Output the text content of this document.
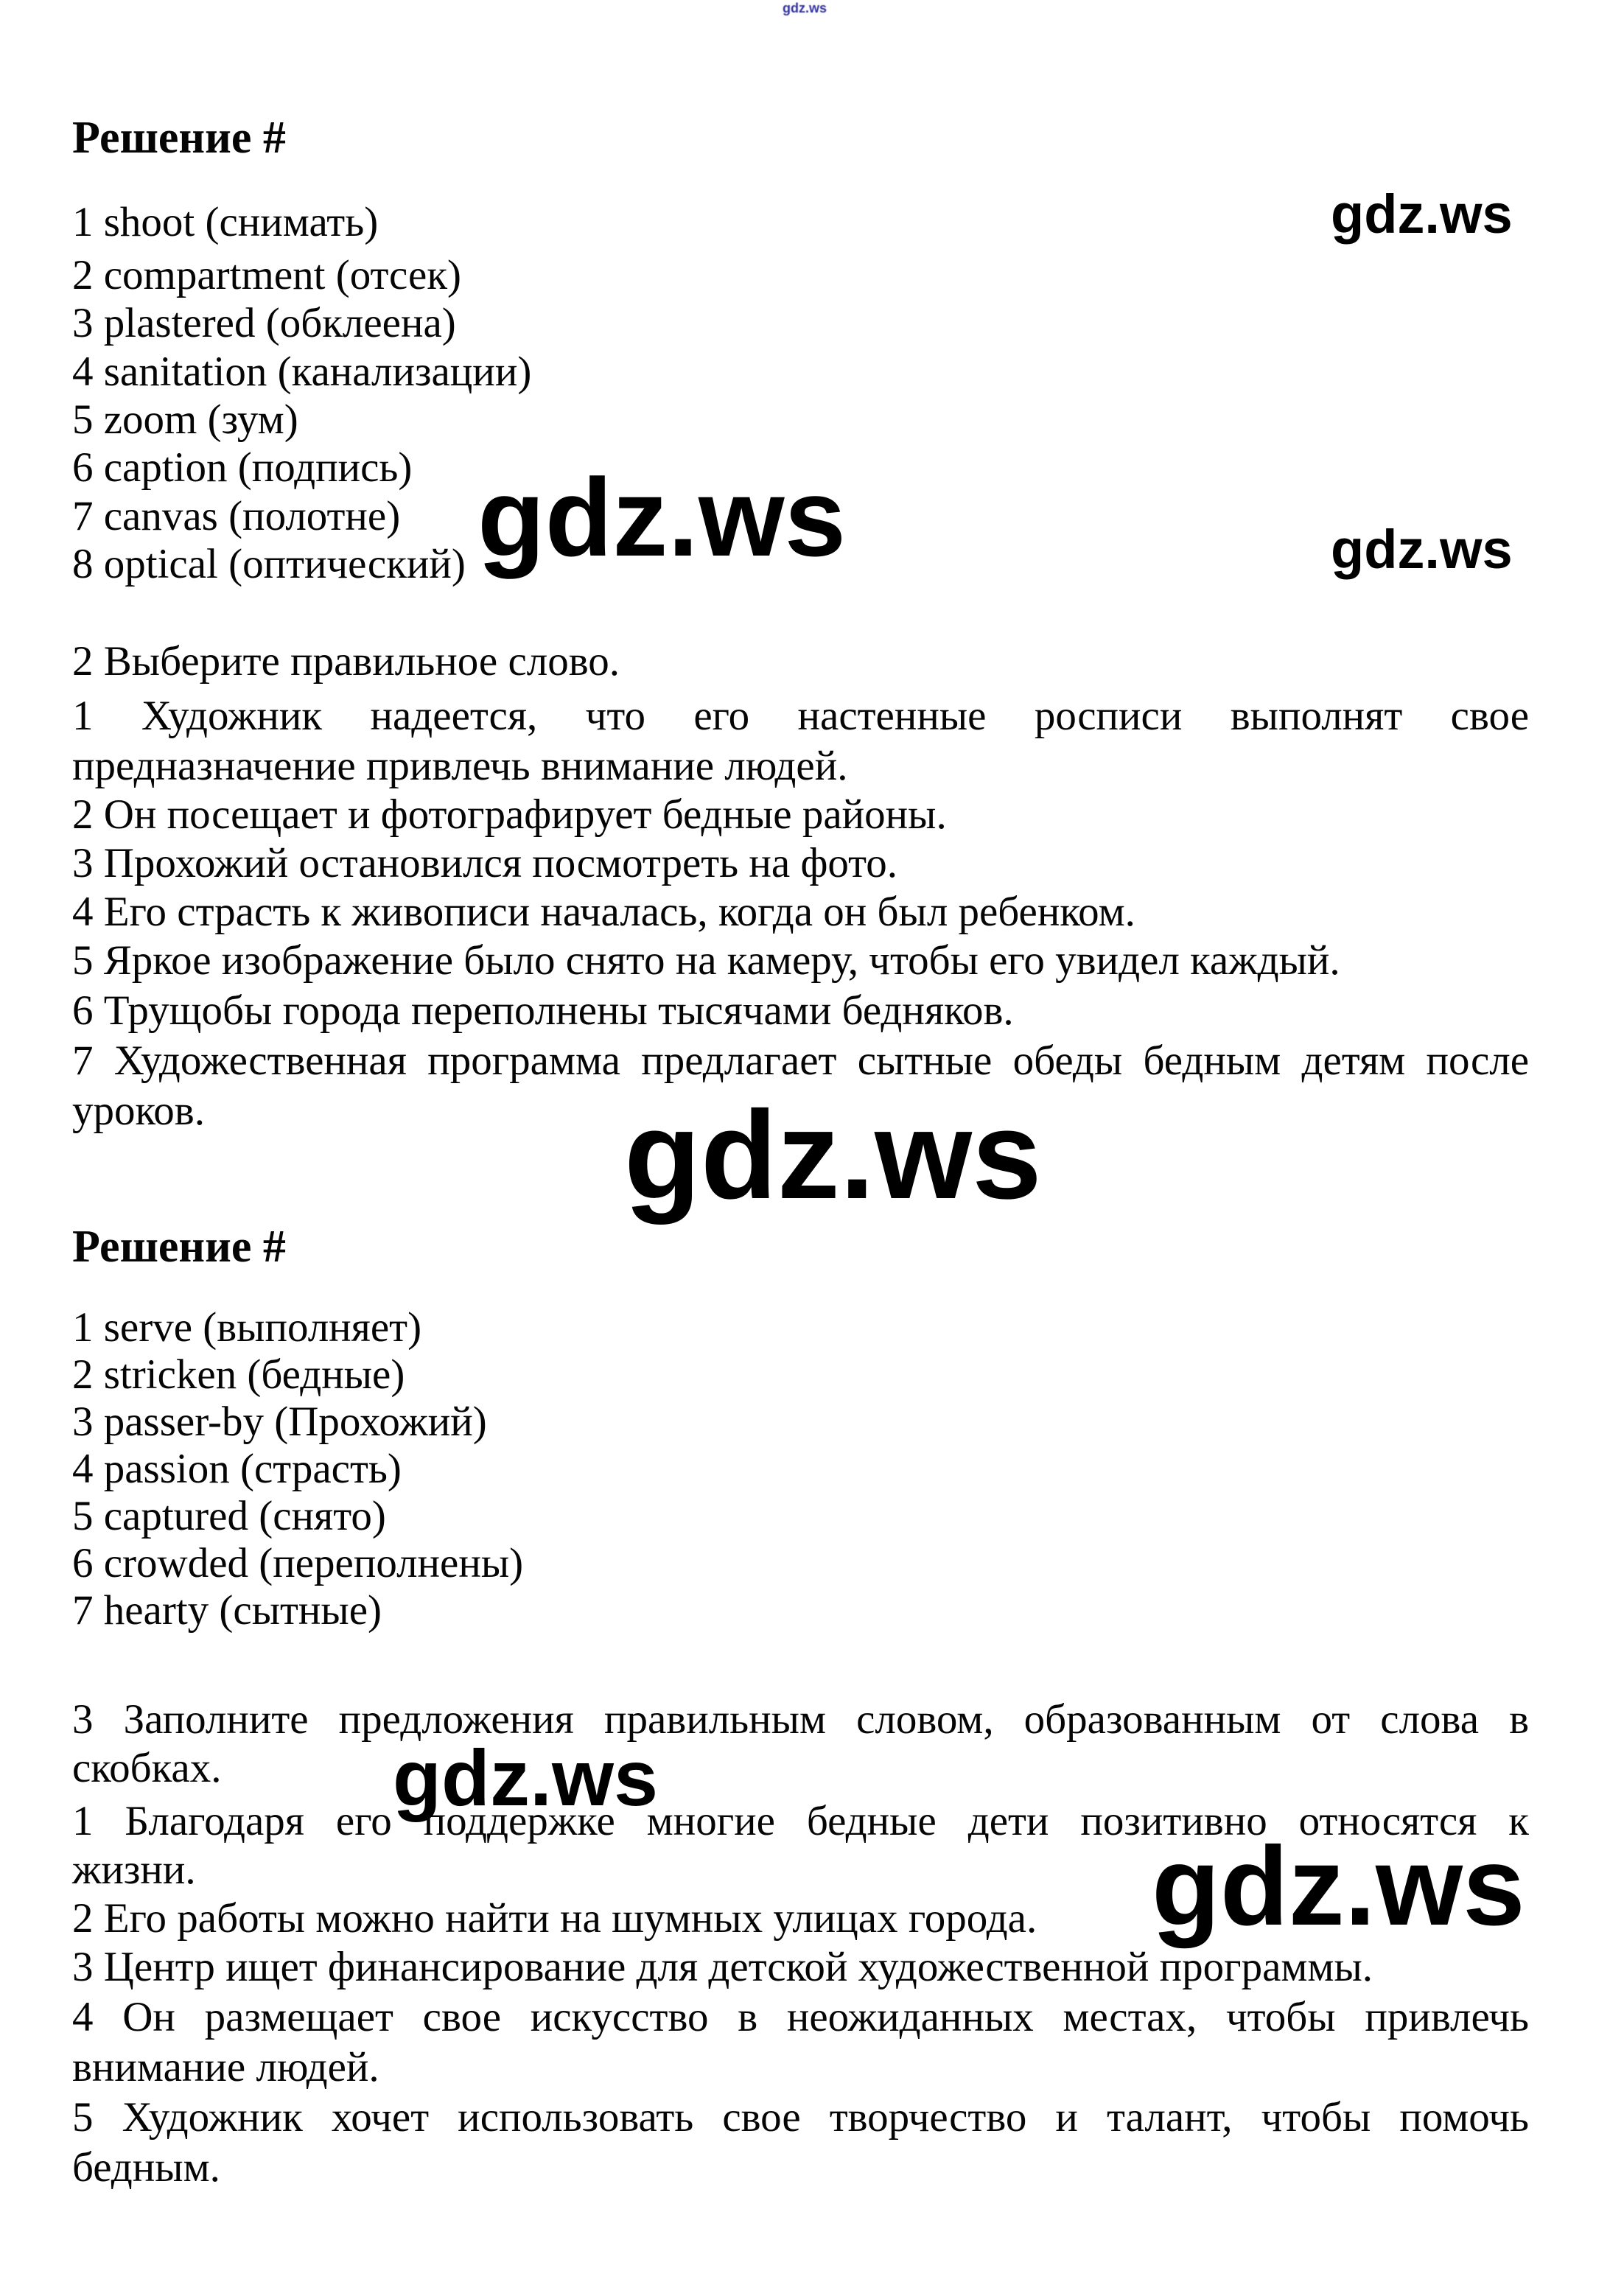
gdz.ws
gdz.ws
gdz.ws	gdz.ws
gdz.ws
gdz.ws
gdz.ws
Решение #
1 shoot (снимать)
2 compartment (отсек)
3 plastered (обклеена)
4 sanitation (канализации)
5 zoom (зум)
6 caption (подпись)
7 canvas (полотне)
8 optical (оптический)
2 Выберите правильное слово.
1 Художник надеется, что его настенные росписи выполнят свое
предназначение привлечь внимание людей.
2 Он посещает и фотографирует бедные районы.
3 Прохожий остановился посмотреть на фото.
4 Его страсть к живописи началась, когда он был ребенком.
5 Яркое изображение было снято на камеру, чтобы его увидел каждый.
6 Трущобы города переполнены тысячами бедняков.
7 Художественная программа предлагает сытные обеды бедным детям после
уроков.
Решение #
1 serve (выполняет)
2 stricken (бедные)
3 passer-by (Прохожий)
4 passion (страсть)
5 captured (снято)
6 crowded (переполнены)
7 hearty (сытные)
3 Заполните предложения правильным словом, образованным от слова в
скобках.
1 Благодаря его поддержке многие бедные дети позитивно относятся к
жизни.
2 Его работы можно найти на шумных улицах города.
3 Центр ищет финансирование для детской художественной программы.
4 Он размещает свое искусство в неожиданных местах, чтобы привлечь
внимание людей.
5 Художник хочет использовать свое творчество и талант, чтобы помочь
бедным.
